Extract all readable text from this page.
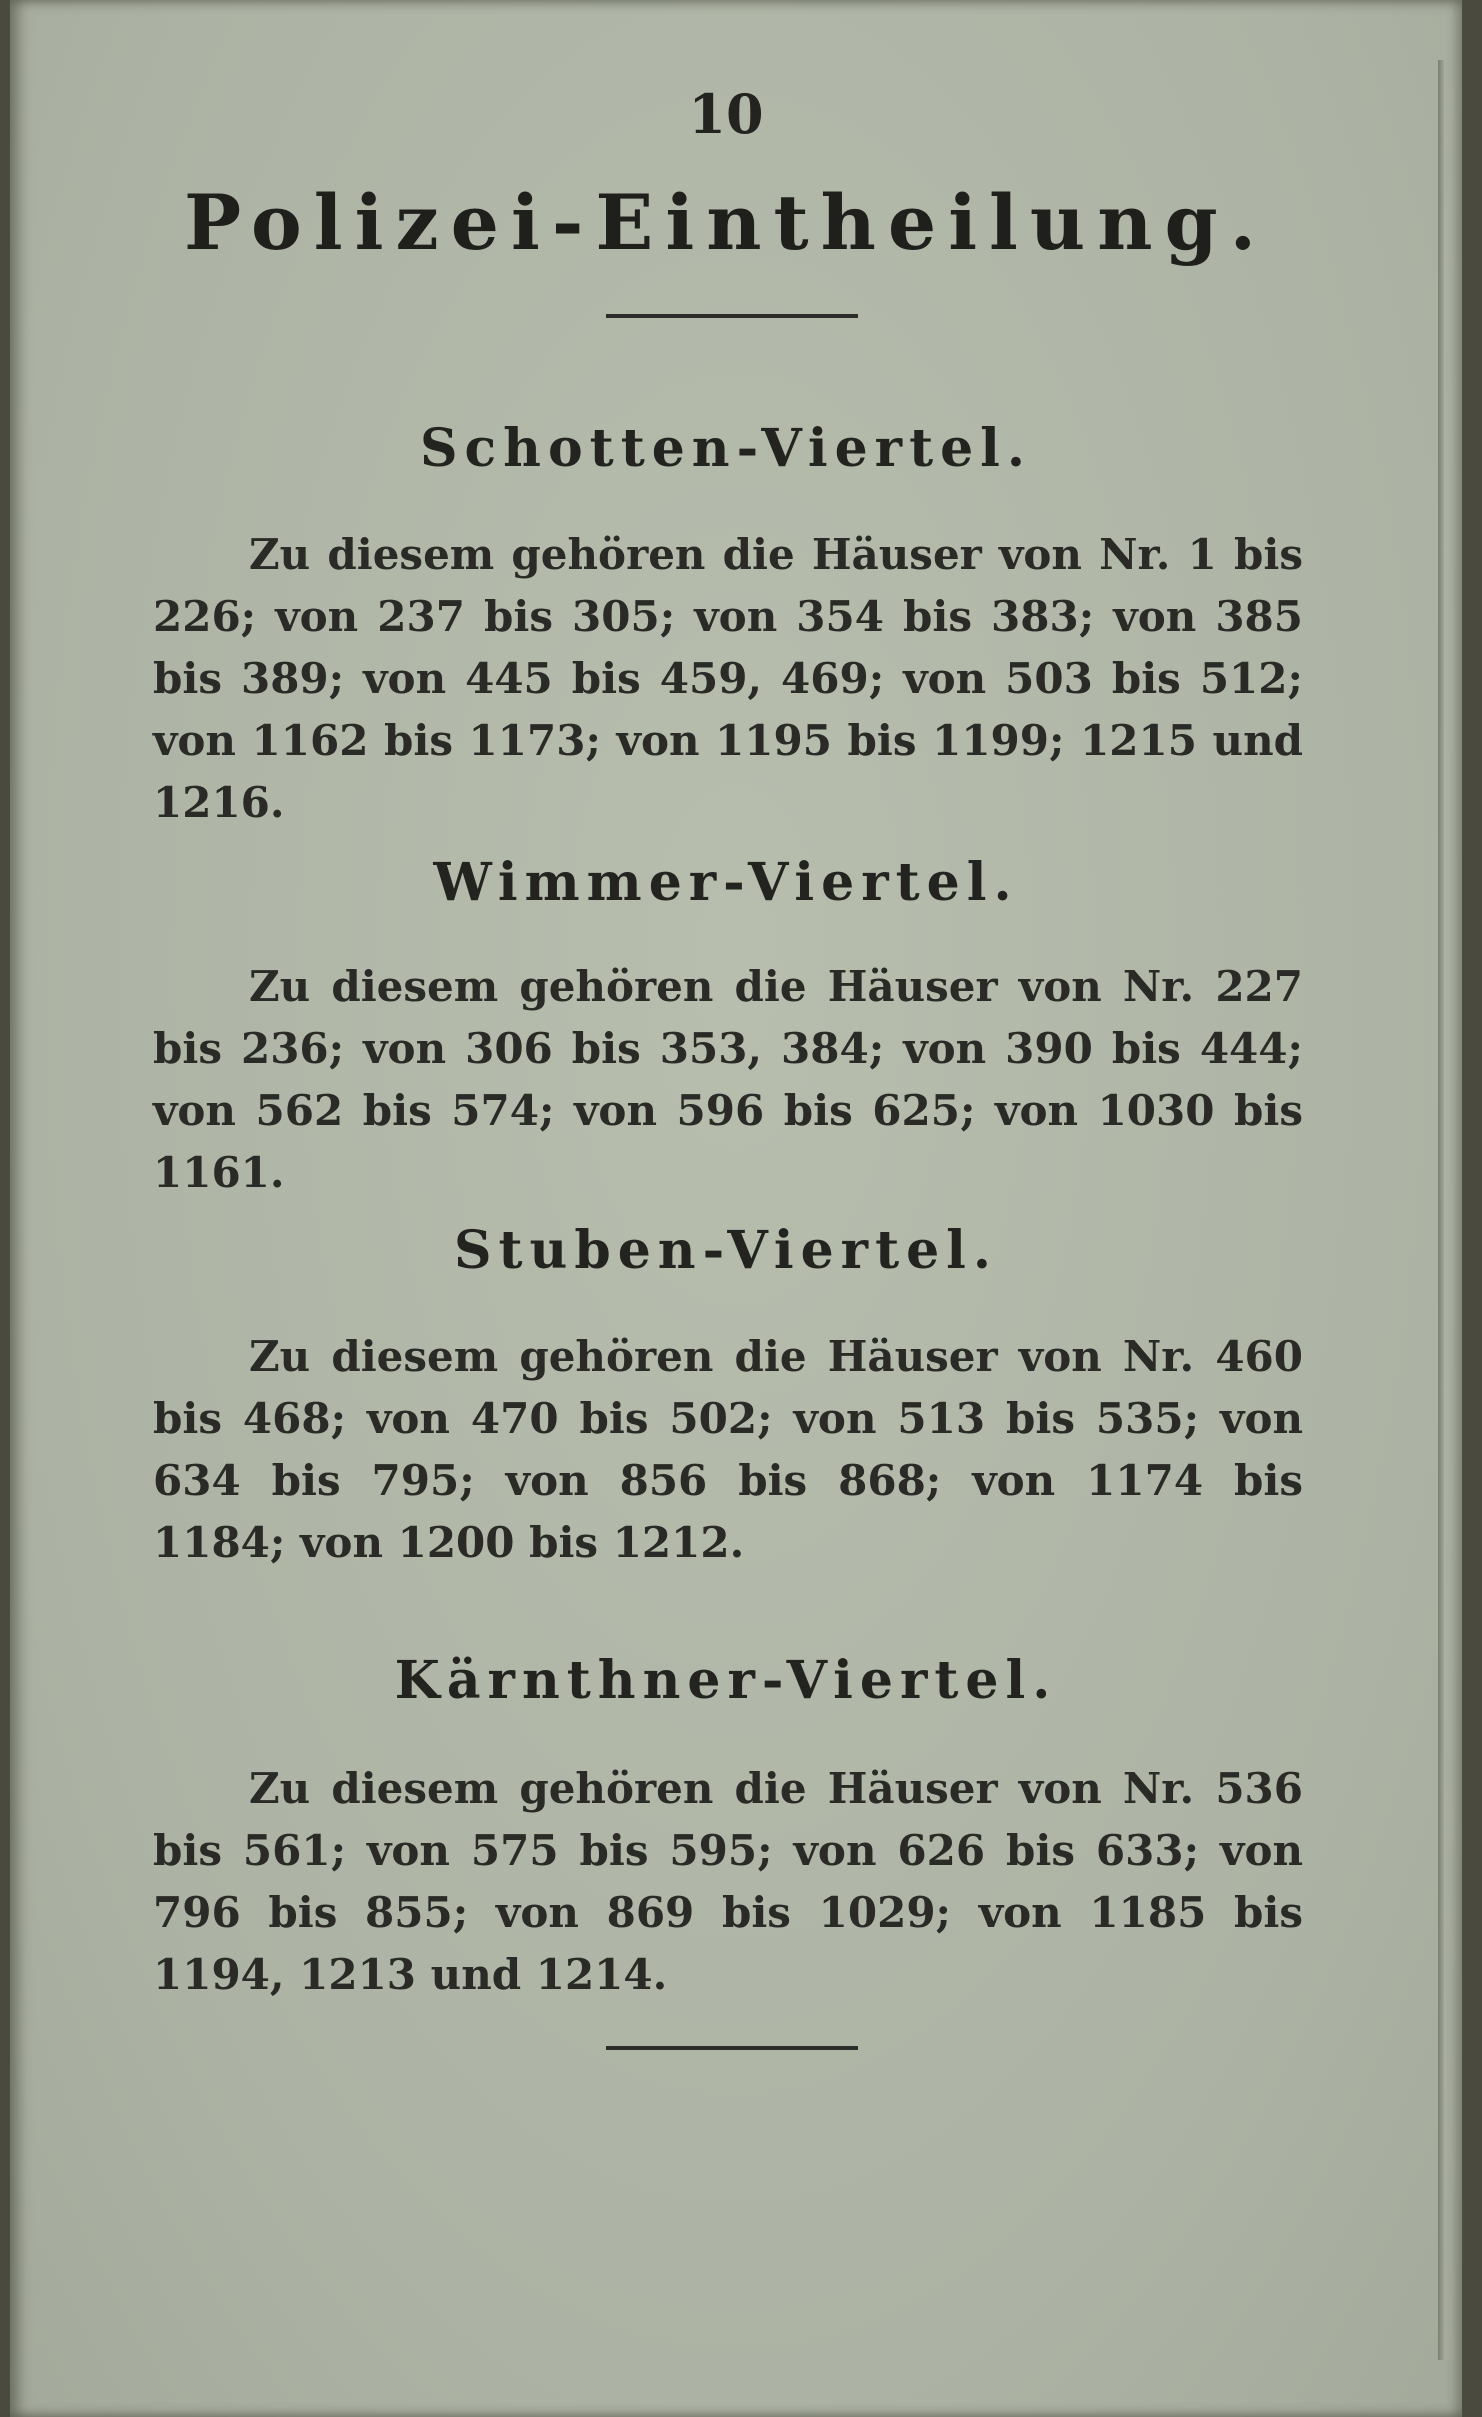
10
Polizei-Eintheilung.
Schotten-Viertel.

Zu diesem gehören die Häuser von Nr. 1 bis 226; von 237 bis 305; von 354 bis 383; von 385 bis 389; von 445 bis 459, 469; von 503 bis 512; von 1162 bis 1173; von 1195 bis 1199; 1215 und 1216.

Wimmer-Viertel.

Zu diesem gehören die Häuser von Nr. 227 bis 236; von 306 bis 353, 384; von 390 bis 444; von 562 bis 574; von 596 bis 625; von 1030 bis 1161.

Stuben-Viertel.

Zu diesem gehören die Häuser von Nr. 460 bis 468; von 470 bis 502; von 513 bis 535; von 634 bis 795; von 856 bis 868; von 1174 bis 1184; von 1200 bis 1212.

Kärnthner-Viertel.

Zu diesem gehören die Häuser von Nr. 536 bis 561; von 575 bis 595; von 626 bis 633; von 796 bis 855; von 869 bis 1029; von 1185 bis 1194, 1213 und 1214.
